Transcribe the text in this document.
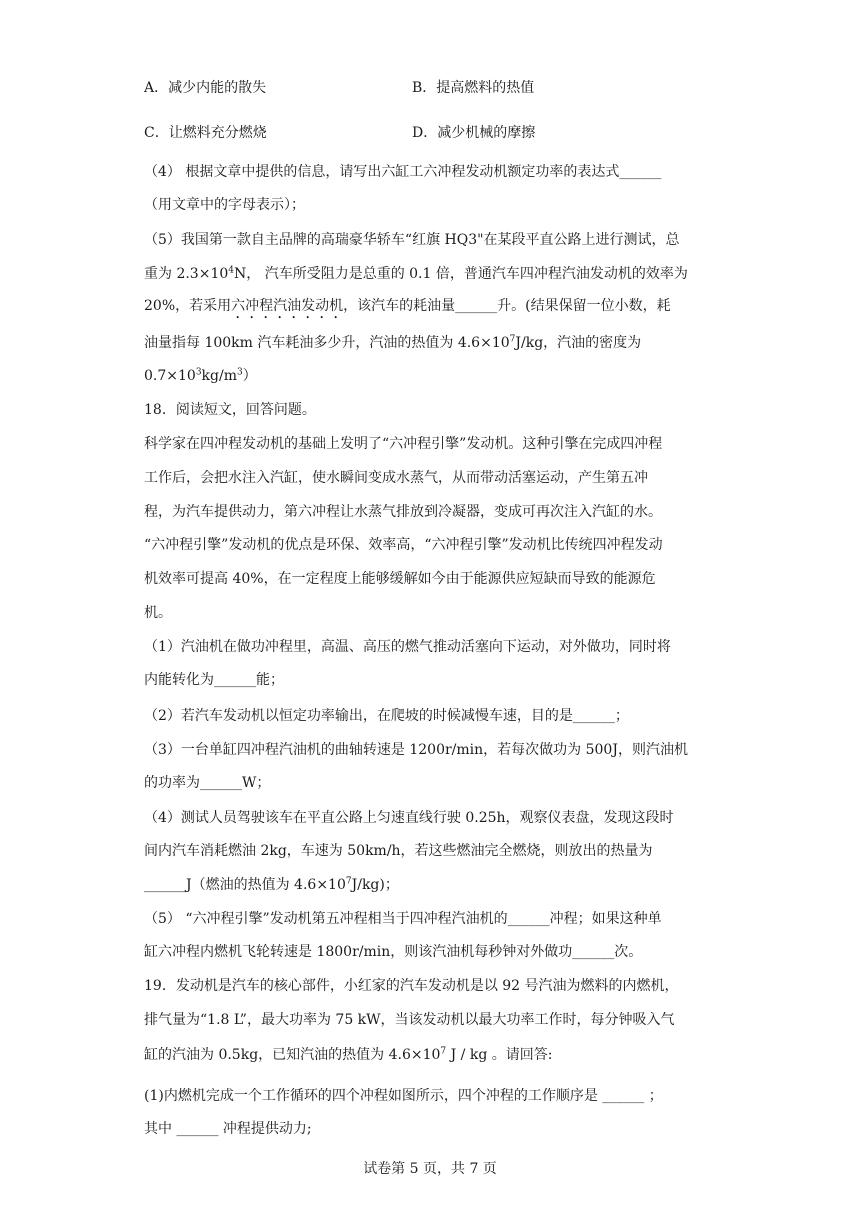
A．减少内能的散失	B．提高燃料的热值
C．让燃料充分燃烧	D．减少机械的摩擦
（4） 根据文章中提供的信息，请写出六缸工六冲程发动机额定功率的表达式______
（用文章中的字母表示）；
（5）我国第一款自主品牌的高瑞豪华轿车“红旗 HQ3"在某段平直公路上进行测试，总
重为 $2.3\times 10^4N$， 汽车所受阻力是总重的 0.1 倍，普通汽车四冲程汽油发动机的效率为
20%，若采用六冲程汽油发动机，该汽车的耗油量______升。(结果保留一位小数，耗
油量指每 100km 汽车耗油多少升，汽油的热值为 $4.6\times 10^7J/kg$，汽油的密度为
$0.7\times 10^3kg/m^3$）
18．阅读短文，回答问题。
科学家在四冲程发动机的基础上发明了“六冲程引擎”发动机。这种引擎在完成四冲程
工作后，会把水注入汽缸，使水瞬间变成水蒸气，从而带动活塞运动，产生第五冲
程，为汽车提供动力，第六冲程让水蒸气排放到冷凝器，变成可再次注入汽缸的水。
“六冲程引擎”发动机的优点是环保、效率高，“六冲程引擎”发动机比传统四冲程发动
机效率可提高 40%，在一定程度上能够缓解如今由于能源供应短缺而导致的能源危
机。
（1）汽油机在做功冲程里，高温、高压的燃气推动活塞向下运动，对外做功，同时将
内能转化为______能；
（2）若汽车发动机以恒定功率输出，在爬坡的时候减慢车速，目的是______；
（3）一台单缸四冲程汽油机的曲轴转速是 1200r/min，若每次做功为 500J，则汽油机
的功率为______W；
（4）测试人员驾驶该车在平直公路上匀速直线行驶 0.25h，观察仪表盘，发现这段时
间内汽车消耗燃油 2kg，车速为 50km/h，若这些燃油完全燃烧，则放出的热量为
______J（燃油的热值为 $4.6\times 10^7J/kg$)；
（5） “六冲程引擎”发动机第五冲程相当于四冲程汽油机的______冲程；如果这种单
缸六冲程内燃机飞轮转速是 1800r/min，则该汽油机每秒钟对外做功______次。
19．发动机是汽车的核心部件，小红家的汽车发动机是以 92 号汽油为燃料的内燃机，
排气量为“1.8 L”，最大功率为 75 kW，当该发动机以最大功率工作时，每分钟吸入气
缸的汽油为 0.5kg，已知汽油的热值为 $4.6\times 10^7$ J / kg 。请回答:
(1)内燃机完成一个工作循环的四个冲程如图所示，四个冲程的工作顺序是 ______ ；
其中 ______ 冲程提供动力;
试卷第 5 页，共 7 页
